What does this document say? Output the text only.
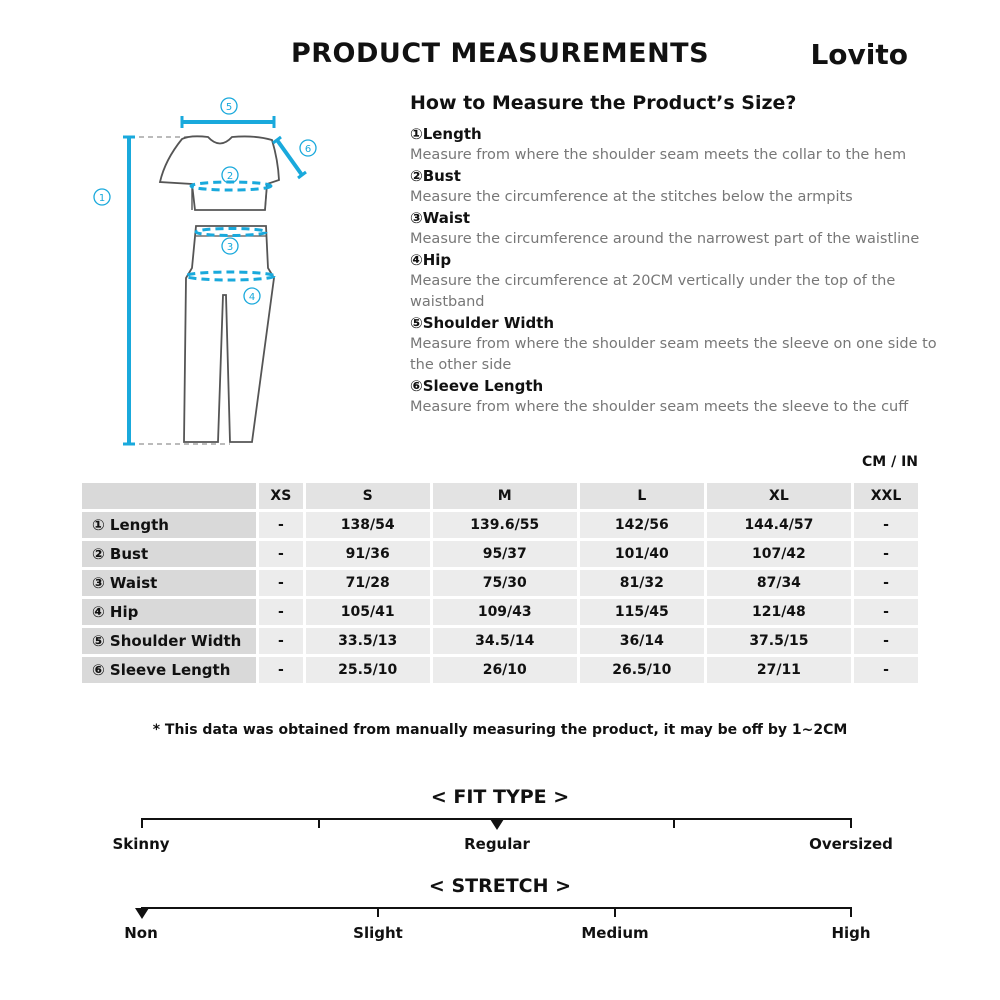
PRODUCT MEASUREMENTS	Lovito
1
5
6
2
3
4
How to Measure the Product’s Size?
①Length
Measure from where the shoulder seam meets the collar to the hem
②Bust
Measure the circumference at the stitches below the armpits
③Waist
Measure the circumference around the narrowest part of the waistline
④Hip
Measure the circumference at 20CM vertically under the top of the waistband
⑤Shoulder Width
Measure from where the shoulder seam meets the sleeve on one side to the other side
⑥Sleeve Length
Measure from where the shoulder seam meets the sleeve to the cuff
CM / IN
	XS	S	M	L	XL	XXL
① Length	-	138/54	139.6/55	142/56	144.4/57	-
② Bust	-	91/36	95/37	101/40	107/42	-
③ Waist	-	71/28	75/30	81/32	87/34	-
④ Hip	-	105/41	109/43	115/45	121/48	-
⑤ Shoulder Width	-	33.5/13	34.5/14	36/14	37.5/15	-
⑥ Sleeve Length	-	25.5/10	26/10	26.5/10	27/11	-
* This data was obtained from manually measuring the product, it may be off by 1~2CM
< FIT TYPE >
Skinny	Regular	Oversized
< STRETCH >
Non	Slight	Medium	High
